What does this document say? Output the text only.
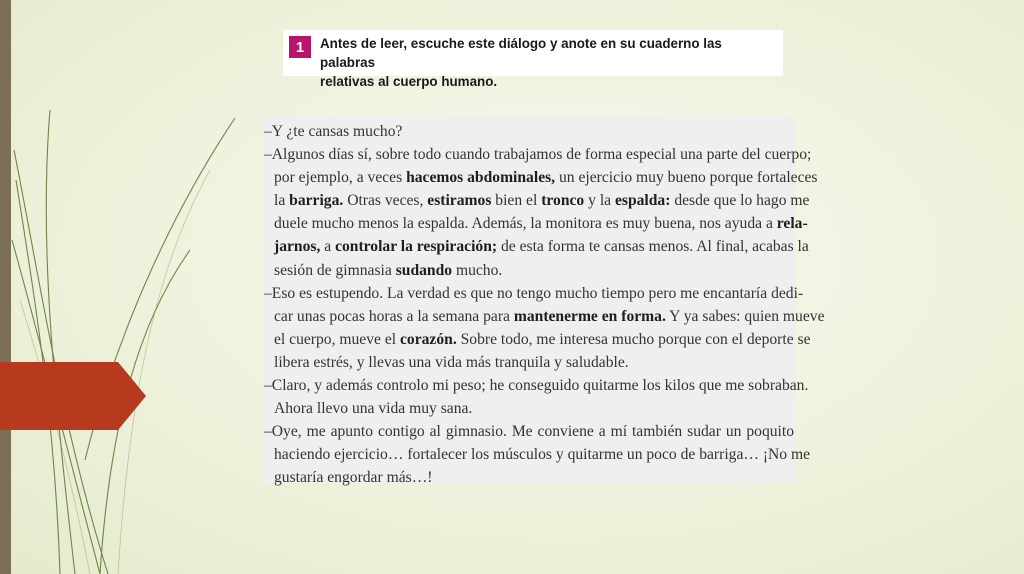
1	Antes de leer, escuche este diálogo y anote en su cuaderno las palabras
relativas al cuerpo humano.
–Y ¿te cansas mucho?
–Algunos días sí, sobre todo cuando trabajamos de forma especial una parte del cuerpo;
por ejemplo, a veces hacemos abdominales, un ejercicio muy bueno porque fortaleces
la barriga. Otras veces, estiramos bien el tronco y la espalda: desde que lo hago me
duele mucho menos la espalda. Además, la monitora es muy buena, nos ayuda a rela-
jarnos, a controlar la respiración; de esta forma te cansas menos. Al final, acabas la
sesión de gimnasia sudando mucho.
–Eso es estupendo. La verdad es que no tengo mucho tiempo pero me encantaría dedi-
car unas pocas horas a la semana para mantenerme en forma. Y ya sabes: quien mueve
el cuerpo, mueve el corazón. Sobre todo, me interesa mucho porque con el deporte se
libera estrés, y llevas una vida más tranquila y saludable.
–Claro, y además controlo mi peso; he conseguido quitarme los kilos que me sobraban.
Ahora llevo una vida muy sana.
–Oye, me apunto contigo al gimnasio. Me conviene a mí también sudar un poquito
haciendo ejercicio… fortalecer los músculos y quitarme un poco de barriga… ¡No me
gustaría engordar más…!
